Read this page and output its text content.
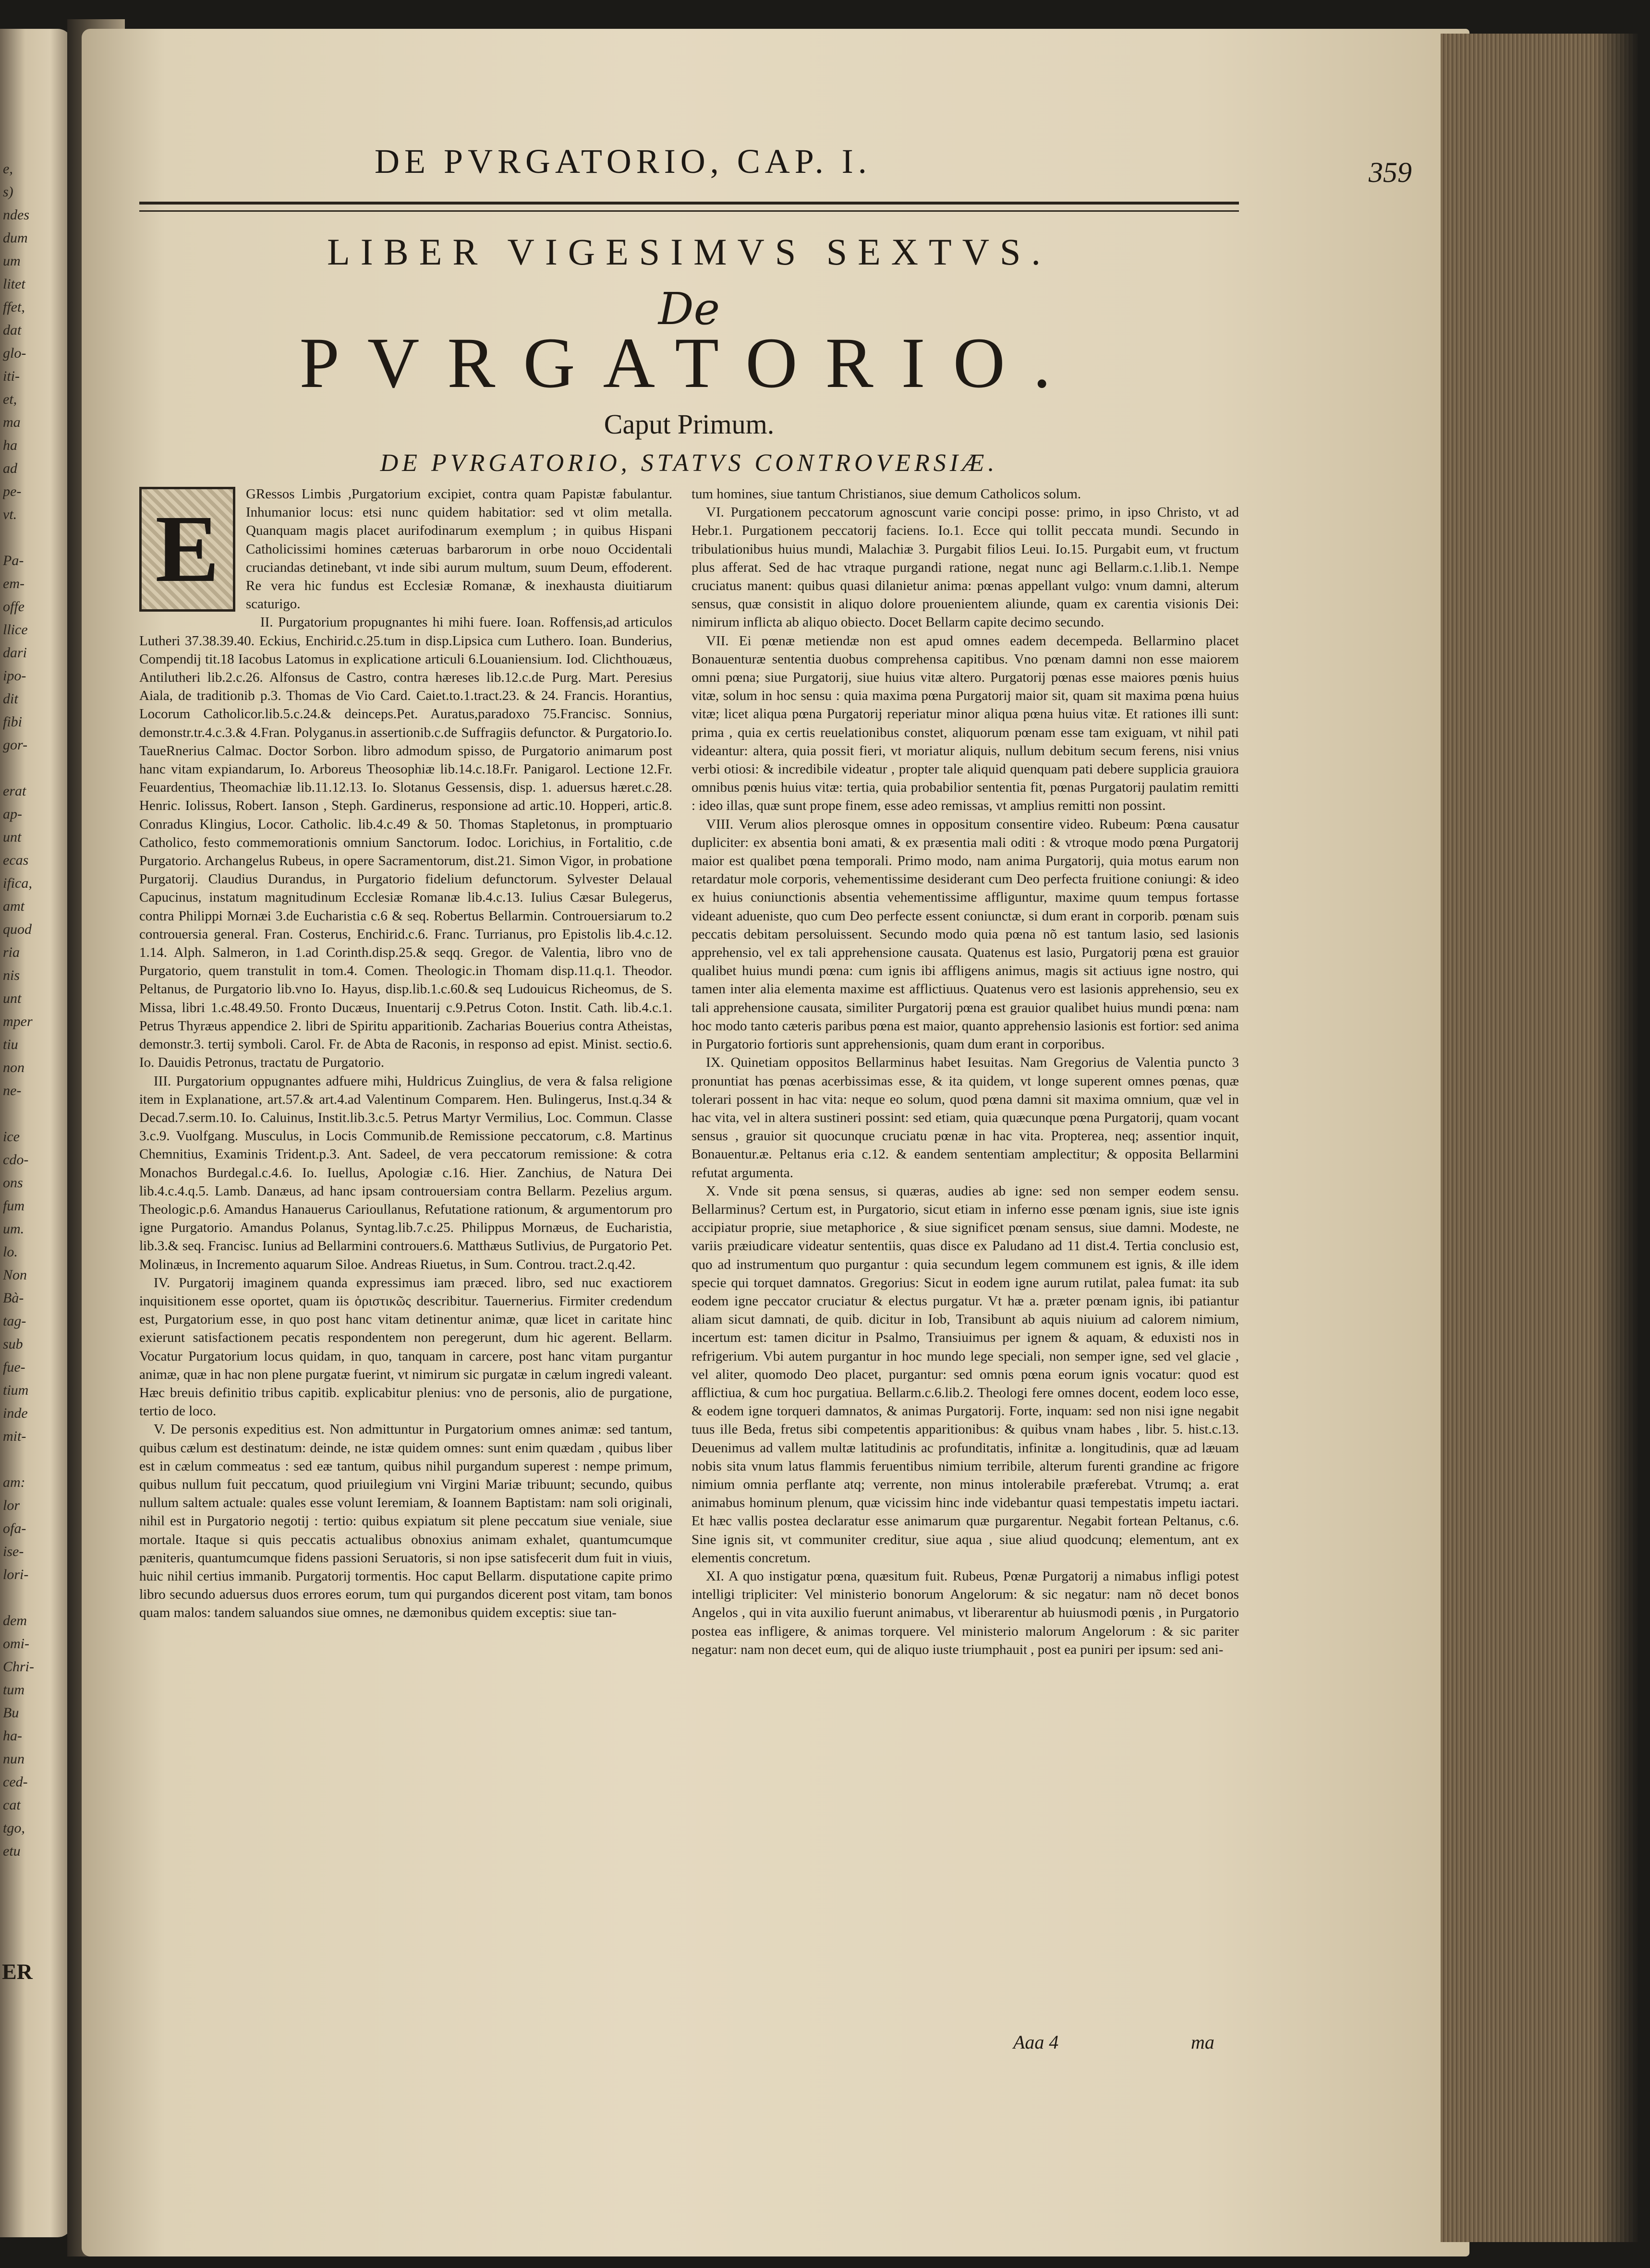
e,
s)
ndes
dum
um
litet
ffet,
dat
glo-
iti-
et,
ma
ha
ad
pe-
vt.
Pa-
em-
offe
llice
dari
ipo-
dit
fibi
gor-
erat
ap-
unt
ecas
ifica,
amt
quod
ria
nis
unt
mper
tiu
non
ne-
ice
cdo-
ons
fum
um.
lo.
Non
Bà-
tag-
sub
fue-
tium
inde
mit-
am:
lor
ofa-
ise-
lori-
dem
omi-
Chri-
tum
Bu
ha-
nun
ced-
cat
tgo,
etu
ER
DE PVRGATORIO, CAP. I.	359
LIBER VIGESIMVS SEXTVS.
De
PVRGATORIO.
Caput Primum.
DE PVRGATORIO, STATVS CONTROVERSIÆ.
E

GRessos Limbis ,Purgatorium excipiet, contra quam Papistæ fabulantur. Inhumanior locus: etsi nunc quidem habitatior: sed vt olim metalla. Quanquam magis placet aurifodinarum exemplum ; in quibus Hispani Catholicissimi homines cæteruas barbarorum in orbe nouo Occidentali cruciandas detinebant, vt inde sibi aurum multum, suum Deum, effoderent. Re vera hic fundus est Ecclesiæ Romanæ, & inexhausta diuitiarum scaturigo.

II. Purgatorium propugnantes hi mihi fuere. Ioan. Roffensis,ad articulos Lutheri 37.38.39.40. Eckius, Enchirid.c.25.tum in disp.Lipsica cum Luthero. Ioan. Bunderius, Compendij tit.18 Iacobus Latomus in explicatione articuli 6.Louaniensium. Iod. Clichthouæus, Antilutheri lib.2.c.26. Alfonsus de Castro, contra hæreses lib.12.c.de Purg. Mart. Peresius Aiala, de traditionib p.3. Thomas de Vio Card. Caiet.to.1.tract.23. & 24. Francis. Horantius, Locorum Catholicor.lib.5.c.24.& deinceps.Pet. Auratus,paradoxo 75.Francisc. Sonnius, demonstr.tr.4.c.3.& 4.Fran. Polyganus.in assertionib.c.de Suffragiis defunctor. & Purgatorio.Io. TaueRnerius Calmac. Doctor Sorbon. libro admodum spisso, de Purgatorio animarum post hanc vitam expiandarum, Io. Arboreus Theosophiæ lib.14.c.18.Fr. Panigarol. Lectione 12.Fr. Feuardentius, Theomachiæ lib.11.12.13. Io. Slotanus Gessensis, disp. 1. aduersus hæret.c.28. Henric. Iolissus, Robert. Ianson , Steph. Gardinerus, responsione ad artic.10. Hopperi, artic.8. Conradus Klingius, Locor. Catholic. lib.4.c.49 & 50. Thomas Stapletonus, in promptuario Catholico, festo commemorationis omnium Sanctorum. Iodoc. Lorichius, in Fortalitio, c.de Purgatorio. Archangelus Rubeus, in opere Sacramentorum, dist.21. Simon Vigor, in probatione Purgatorij. Claudius Durandus, in Purgatorio fidelium defunctorum. Sylvester Delaual Capucinus, instatum magnitudinum Ecclesiæ Romanæ lib.4.c.13. Iulius Cæsar Bulegerus, contra Philippi Mornæi 3.de Eucharistia c.6 & seq. Robertus Bellarmin. Controuersiarum to.2 controuersia general. Fran. Costerus, Enchirid.c.6. Franc. Turrianus, pro Epistolis lib.4.c.12. 1.14. Alph. Salmeron, in 1.ad Corinth.disp.25.& seqq. Gregor. de Valentia, libro vno de Purgatorio, quem transtulit in tom.4. Comen. Theologic.in Thomam disp.11.q.1. Theodor. Peltanus, de Purgatorio lib.vno Io. Hayus, disp.lib.1.c.60.& seq Ludouicus Richeomus, de S. Missa, libri 1.c.48.49.50. Fronto Ducæus, Inuentarij c.9.Petrus Coton. Instit. Cath. lib.4.c.1. Petrus Thyræus appendice 2. libri de Spiritu apparitionib. Zacharias Bouerius contra Atheistas, demonstr.3. tertij symboli. Carol. Fr. de Abta de Raconis, in responso ad epist. Minist. sectio.6. Io. Dauidis Petronus, tractatu de Purgatorio.

III. Purgatorium oppugnantes adfuere mihi, Huldricus Zuinglius, de vera & falsa religione item in Explanatione, art.57.& art.4.ad Valentinum Comparem. Hen. Bulingerus, Inst.q.34 & Decad.7.serm.10. Io. Caluinus, Instit.lib.3.c.5. Petrus Martyr Vermilius, Loc. Commun. Classe 3.c.9. Vuolfgang. Musculus, in Locis Communib.de Remissione peccatorum, c.8. Martinus Chemnitius, Examinis Trident.p.3. Ant. Sadeel, de vera peccatorum remissione: & cotra Monachos Burdegal.c.4.6. Io. Iuellus, Apologiæ c.16. Hier. Zanchius, de Natura Dei lib.4.c.4.q.5. Lamb. Danæus, ad hanc ipsam controuersiam contra Bellarm. Pezelius argum. Theologic.p.6. Amandus Hanauerus Carioullanus, Refutatione rationum, & argumentorum pro igne Purgatorio. Amandus Polanus, Syntag.lib.7.c.25. Philippus Mornæus, de Eucharistia, lib.3.& seq. Francisc. Iunius ad Bellarmini controuers.6. Matthæus Sutlivius, de Purgatorio Pet. Molinæus, in Incremento aquarum Siloe. Andreas Riuetus, in Sum. Controu. tract.2.q.42.

IV. Purgatorij imaginem quanda expressimus iam præced. libro, sed nuc exactiorem inquisitionem esse oportet, quam iis ὁριστικῶς describitur. Tauernerius. Firmiter credendum est, Purgatorium esse, in quo post hanc vitam detinentur animæ, quæ licet in caritate hinc exierunt satisfactionem pecatis respondentem non peregerunt, dum hic agerent. Bellarm. Vocatur Purgatorium locus quidam, in quo, tanquam in carcere, post hanc vitam purgantur animæ, quæ in hac non plene purgatæ fuerint, vt nimirum sic purgatæ in cælum ingredi valeant. Hæc breuis definitio tribus capitib. explicabitur plenius: vno de personis, alio de purgatione, tertio de loco.

V. De personis expeditius est. Non admittuntur in Purgatorium omnes animæ: sed tantum, quibus cælum est destinatum: deinde, ne istæ quidem omnes: sunt enim quædam , quibus liber est in cælum commeatus : sed eæ tantum, quibus nihil purgandum superest : nempe primum, quibus nullum fuit peccatum, quod priuilegium vni Virgini Mariæ tribuunt; secundo, quibus nullum saltem actuale: quales esse volunt Ieremiam, & Ioannem Baptistam: nam soli originali, nihil est in Purgatorio negotij : tertio: quibus expiatum sit plene peccatum siue veniale, siue mortale. Itaque si quis peccatis actualibus obnoxius animam exhalet, quantumcumque pæniteris, quantumcumque fidens passioni Seruatoris, si non ipse satisfecerit dum fuit in viuis, huic nihil certius immanib. Purgatorij tormentis. Hoc caput Bellarm. disputatione capite primo libro secundo aduersus duos errores eorum, tum qui purgandos dicerent post vitam, tam bonos quam malos: tandem saluandos siue omnes, ne dæmonibus quidem exceptis: siue tan-

tum homines, siue tantum Christianos, siue demum Catholicos solum.

VI. Purgationem peccatorum agnoscunt varie concipi posse: primo, in ipso Christo, vt ad Hebr.1. Purgationem peccatorij faciens. Io.1. Ecce qui tollit peccata mundi. Secundo in tribulationibus huius mundi, Malachiæ 3. Purgabit filios Leui. Io.15. Purgabit eum, vt fructum plus afferat. Sed de hac vtraque purgandi ratione, negat nunc agi Bellarm.c.1.lib.1. Nempe cruciatus manent: quibus quasi dilanietur anima: pœnas appellant vulgo: vnum damni, alterum sensus, quæ consistit in aliquo dolore prouenientem aliunde, quam ex carentia visionis Dei: nimirum inflicta ab aliquo obiecto. Docet Bellarm capite decimo secundo.

VII. Ei pœnæ metiendæ non est apud omnes eadem decempeda. Bellarmino placet Bonauenturæ sententia duobus comprehensa capitibus. Vno pœnam damni non esse maiorem omni pœna; siue Purgatorij, siue huius vitæ altero. Purgatorij pœnas esse maiores pœnis huius vitæ, solum in hoc sensu : quia maxima pœna Purgatorij maior sit, quam sit maxima pœna huius vitæ; licet aliqua pœna Purgatorij reperiatur minor aliqua pœna huius vitæ. Et rationes illi sunt: prima , quia ex certis reuelationibus constet, aliquorum pœnam esse tam exiguam, vt nihil pati videantur: altera, quia possit fieri, vt moriatur aliquis, nullum debitum secum ferens, nisi vnius verbi otiosi: & incredibile videatur , propter tale aliquid quenquam pati debere supplicia grauiora omnibus pœnis huius vitæ: tertia, quia probabilior sententia fit, pœnas Purgatorij paulatim remitti : ideo illas, quæ sunt prope finem, esse adeo remissas, vt amplius remitti non possint.

VIII. Verum alios plerosque omnes in oppositum consentire video. Rubeum: Pœna causatur dupliciter: ex absentia boni amati, & ex præsentia mali oditi : & vtroque modo pœna Purgatorij maior est qualibet pœna temporali. Primo modo, nam anima Purgatorij, quia motus earum non retardatur mole corporis, vehementissime desiderant cum Deo perfecta fruitione coniungi: & ideo ex huius coniunctionis absentia vehementissime affliguntur, maxime quum tempus fortasse videant adueniste, quo cum Deo perfecte essent coniunctæ, si dum erant in corporib. pœnam suis peccatis debitam persoluissent. Secundo modo quia pœna nõ est tantum lasio, sed lasionis apprehensio, vel ex tali apprehensione causata. Quatenus est lasio, Purgatorij pœna est grauior qualibet huius mundi pœna: cum ignis ibi affligens animus, magis sit actiuus igne nostro, qui tamen inter alia elementa maxime est afflictiuus. Quatenus vero est lasionis apprehensio, seu ex tali apprehensione causata, similiter Purgatorij pœna est grauior qualibet huius mundi pœna: nam hoc modo tanto cæteris paribus pœna est maior, quanto apprehensio lasionis est fortior: sed anima in Purgatorio fortioris sunt apprehensionis, quam dum erant in corporibus.

IX. Quinetiam oppositos Bellarminus habet Iesuitas. Nam Gregorius de Valentia puncto 3 pronuntiat has pœnas acerbissimas esse, & ita quidem, vt longe superent omnes pœnas, quæ tolerari possent in hac vita: neque eo solum, quod pœna damni sit maxima omnium, quæ vel in hac vita, vel in altera sustineri possint: sed etiam, quia quæcunque pœna Purgatorij, quam vocant sensus , grauior sit quocunque cruciatu pœnæ in hac vita. Propterea, neq; assentior inquit, Bonauentur.æ. Peltanus eria c.12. & eandem sententiam amplectitur; & opposita Bellarmini refutat argumenta.

X. Vnde sit pœna sensus, si quæras, audies ab igne: sed non semper eodem sensu. Bellarminus? Certum est, in Purgatorio, sicut etiam in inferno esse pœnam ignis, siue iste ignis accipiatur proprie, siue metaphorice , & siue significet pœnam sensus, siue damni. Modeste, ne variis præiudicare videatur sententiis, quas disce ex Paludano ad 11 dist.4. Tertia conclusio est, quo ad instrumentum quo purgantur : quia secundum legem communem est ignis, & ille idem specie qui torquet damnatos. Gregorius: Sicut in eodem igne aurum rutilat, palea fumat: ita sub eodem igne peccator cruciatur & electus purgatur. Vt hæ a. præter pœnam ignis, ibi patiantur aliam sicut damnati, de quib. dicitur in Iob, Transibunt ab aquis niuium ad calorem nimium, incertum est: tamen dicitur in Psalmo, Transiuimus per ignem & aquam, & eduxisti nos in refrigerium. Vbi autem purgantur in hoc mundo lege speciali, non semper igne, sed vel glacie , vel aliter, quomodo Deo placet, purgantur: sed omnis pœna eorum ignis vocatur: quod est afflictiua, & cum hoc purgatiua. Bellarm.c.6.lib.2. Theologi fere omnes docent, eodem loco esse, & eodem igne torqueri damnatos, & animas Purgatorij. Forte, inquam: sed non nisi igne negabit tuus ille Beda, fretus sibi competentis apparitionibus: & quibus vnam habes , libr. 5. hist.c.13. Deuenimus ad vallem multæ latitudinis ac profunditatis, infinitæ a. longitudinis, quæ ad læuam nobis sita vnum latus flammis feruentibus nimium terribile, alterum furenti grandine ac frigore nimium omnia perflante atq; verrente, non minus intolerabile præferebat. Vtrumq; a. erat animabus hominum plenum, quæ vicissim hinc inde videbantur quasi tempestatis impetu iactari. Et hæc vallis postea declaratur esse animarum quæ purgarentur. Negabit fortean Peltanus, c.6. Sine ignis sit, vt communiter creditur, siue aqua , siue aliud quodcunq; elementum, ant ex elementis concretum.

XI. A quo instigatur pœna, quæsitum fuit. Rubeus, Pœnæ Purgatorij a nimabus infligi potest intelligi tripliciter: Vel ministerio bonorum Angelorum: & sic negatur: nam nõ decet bonos Angelos , qui in vita auxilio fuerunt animabus, vt liberarentur ab huiusmodi pœnis , in Purgatorio postea eas infligere, & animas torquere. Vel ministerio malorum Angelorum : & sic pariter negatur: nam non decet eum, qui de aliquo iuste triumphauit , post ea puniri per ipsum: sed ani-

Aaa 4	ma
